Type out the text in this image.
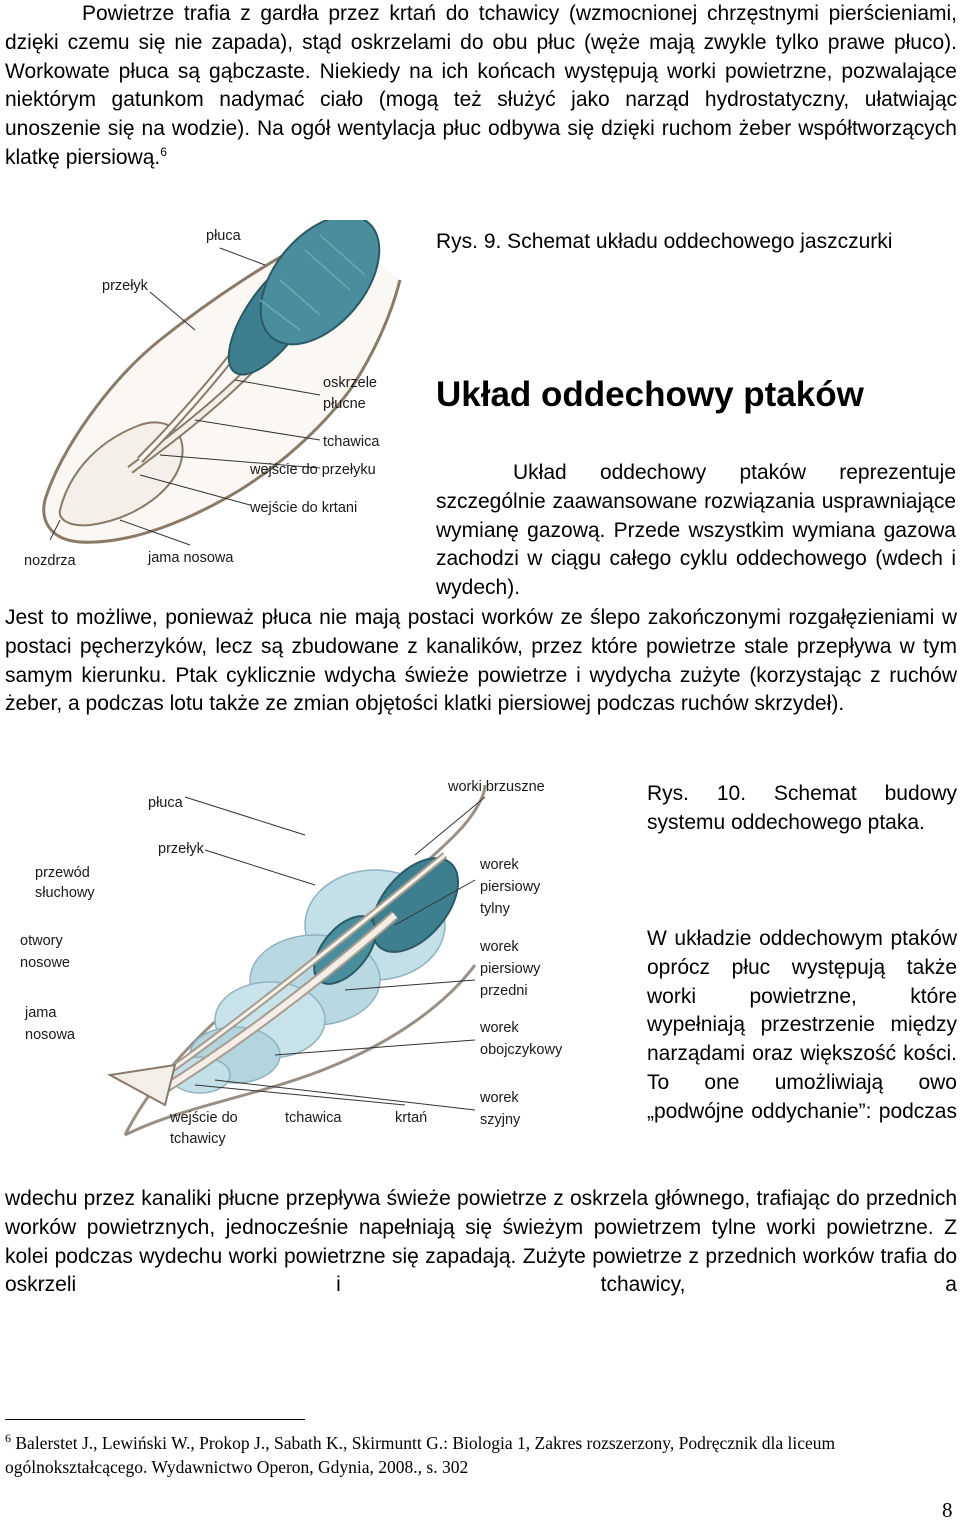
Powietrze trafia z gardła przez krtań do tchawicy (wzmocnionej chrzęstnymi pierścieniami, dzięki czemu się nie zapada), stąd oskrzelami do obu płuc (węże mają zwykle tylko prawe płuco). Workowate płuca są gąbczaste. Niekiedy na ich końcach występują worki powietrzne, pozwalające niektórym gatunkom nadymać ciało (mogą też służyć jako narząd hydrostatyczny, ułatwiając unoszenie się na wodzie). Na ogół wentylacja płuc odbywa się dzięki ruchom żeber współtworzących klatkę piersiową.$^6$
płuca
przełyk
oskrzele
płucne
tchawica
wejście do przełyku
wejście do krtani
nozdrza	jama nosowa
Rys. 9. Schemat układu oddechowego jaszczurki
Układ oddechowy ptaków
Układ oddechowy ptaków reprezentuje szczególnie zaawansowane rozwiązania usprawniające wymianę gazową. Przede wszystkim wymiana gazowa zachodzi w ciągu całego cyklu oddechowego (wdech i wydech).
Jest to możliwe, ponieważ płuca nie mają postaci worków ze ślepo zakończonymi rozgałęzieniami w postaci pęcherzyków, lecz są zbudowane z kanalików, przez które powietrze stale przepływa w tym samym kierunku. Ptak cyklicznie wdycha świeże powietrze i wydycha zużyte (korzystając z ruchów żeber, a podczas lotu także ze zmian objętości klatki piersiowej podczas ruchów skrzydeł).
worki brzuszne
płuca
przełyk
przewód
słuchowy
worek
piersiowy
tylny
otwory
nosowe
worek
piersiowy
przedni
jama
nosowa	worek
obojczykowy
worek
szyjny
wejście do
tchawicy
tchawica	krtań
Rys. 10. Schemat budowy systemu oddechowego ptaka.
W układzie oddechowym ptaków oprócz płuc występują także worki powietrzne, które wypełniają przestrzenie między narządami oraz większość kości. To one umożliwiają owo „podwójne oddychanie”: podczas
wdechu przez kanaliki płucne przepływa świeże powietrze z oskrzela głównego, trafiając do przednich worków powietrznych, jednocześnie napełniają się świeżym powietrzem tylne worki powietrzne. Z kolei podczas wydechu worki powietrzne się zapadają. Zużyte powietrze z przednich worków trafia do oskrzeli i tchawicy, a
$^6$ Balerstet J., Lewiński W., Prokop J., Sabath K., Skirmuntt G.: Biologia 1, Zakres rozszerzony, Podręcznik dla liceum ogólnokształcącego. Wydawnictwo Operon, Gdynia, 2008., s. 302
8
